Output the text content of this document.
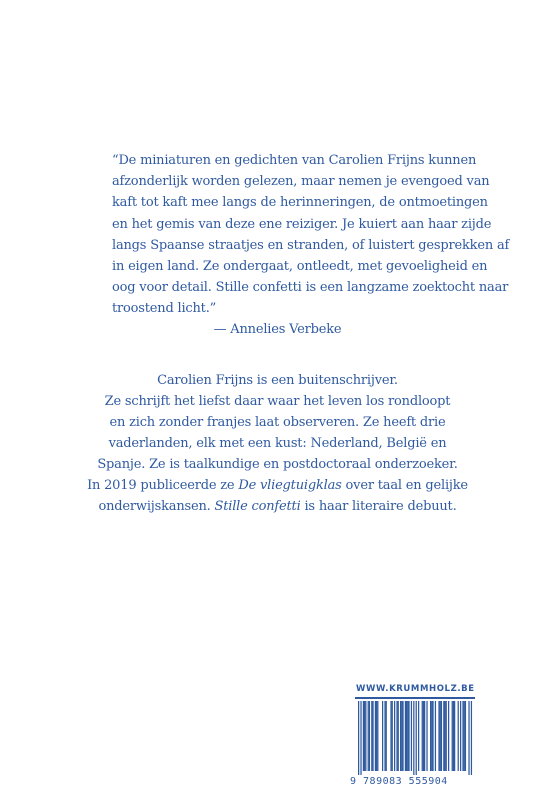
“De miniaturen en gedichten van Carolien Frijns kunnen
afzonderlijk worden gelezen, maar nemen je evengoed van
kaft tot kaft mee langs de herinneringen, de ontmoetingen
en het gemis van deze ene reiziger. Je kuiert aan haar zijde
langs Spaanse straatjes en stranden, of luistert gesprekken af
in eigen land. Ze ondergaat, ontleedt, met gevoeligheid en
oog voor detail. Stille confetti is een langzame zoektocht naar
troostend licht.”
— Annelies Verbeke
Carolien Frijns is een buitenschrijver.
Ze schrijft het liefst daar waar het leven los rondloopt
en zich zonder franjes laat observeren. Ze heeft drie
vaderlanden, elk met een kust: Nederland, België en
Spanje. Ze is taalkundige en postdoctoraal onderzoeker.
In 2019 publiceerde ze De vliegtuigklas over taal en gelijke
onderwijskansen. Stille confetti is haar literaire debuut.
WWW.KRUMMHOLZ.BE
9 789083 555904
